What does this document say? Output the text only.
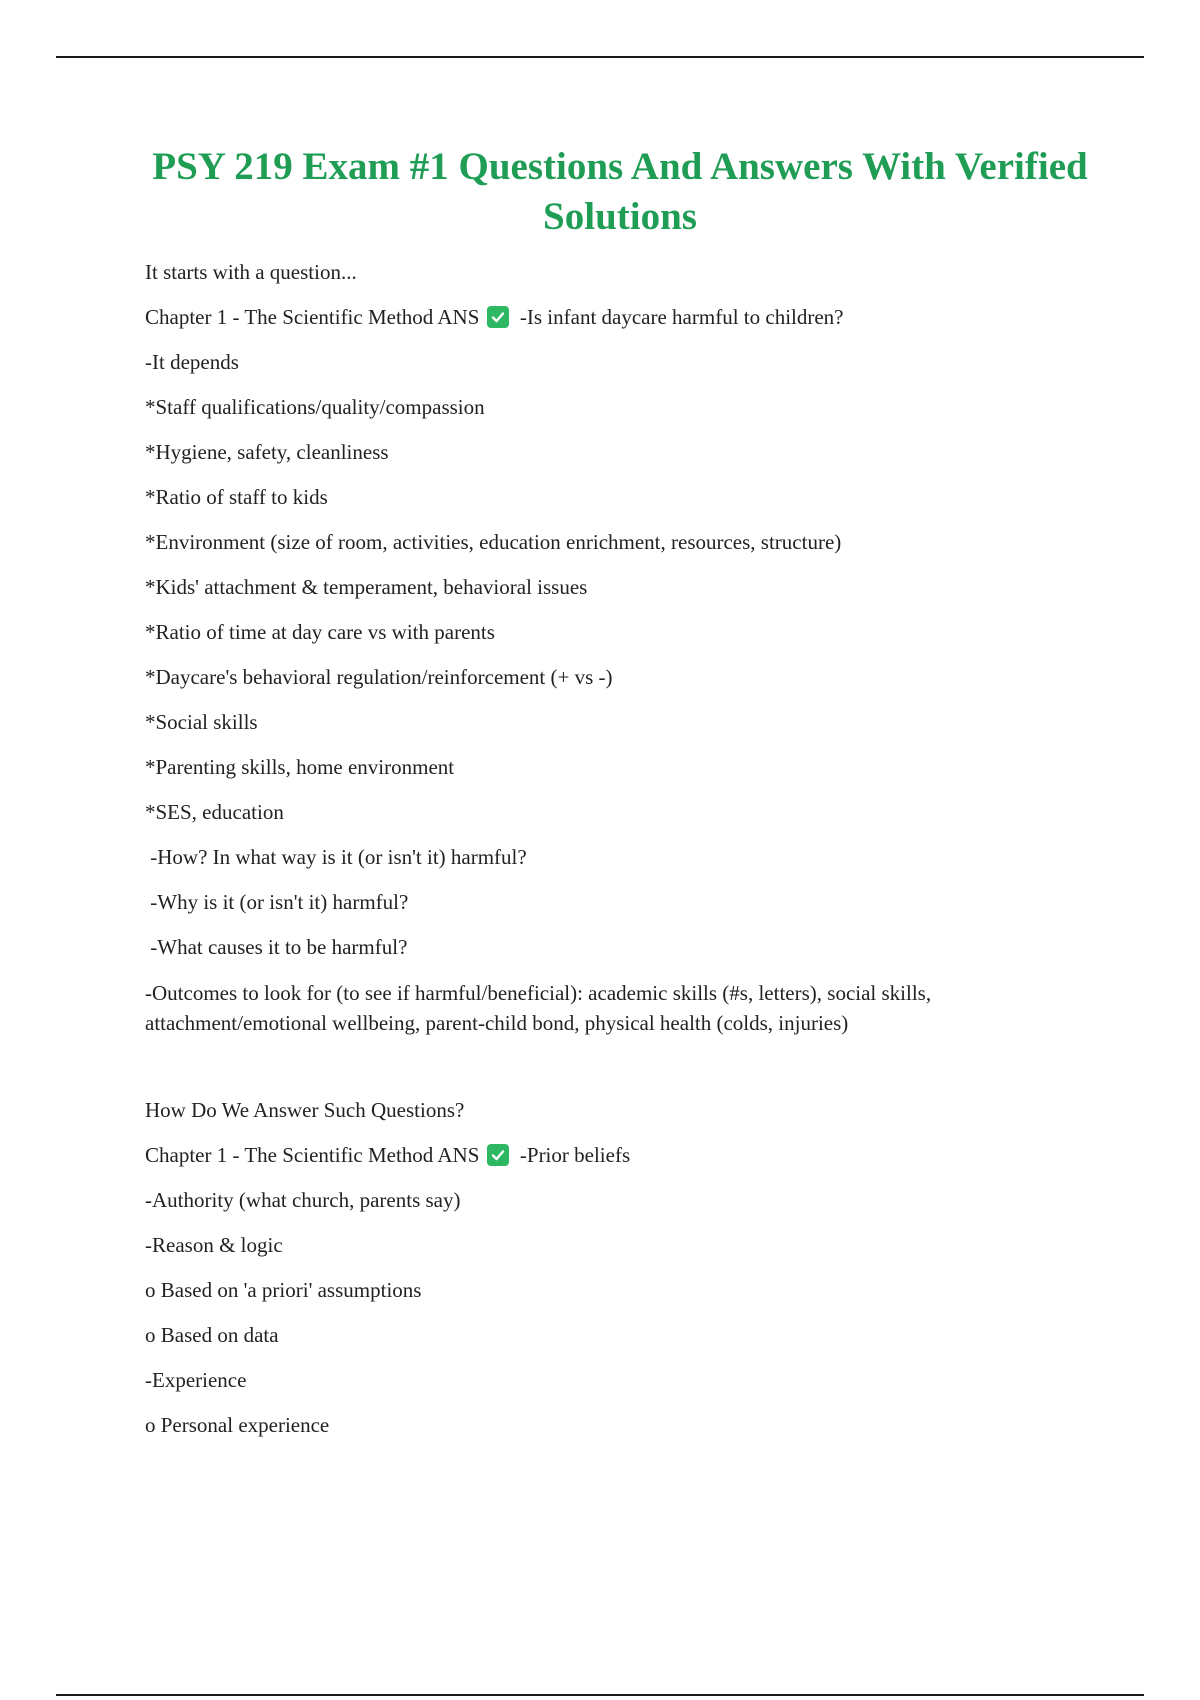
PSY 219 Exam #1 Questions And Answers With Verified Solutions
It starts with a question...
Chapter 1 - The Scientific Method ANS
-Is infant daycare harmful to children?
-It depends
*Staff qualifications/quality/compassion
*Hygiene, safety, cleanliness
*Ratio of staff to kids
*Environment (size of room, activities, education enrichment, resources, structure)
*Kids' attachment & temperament, behavioral issues
*Ratio of time at day care vs with parents
*Daycare's behavioral regulation/reinforcement (+ vs -)
*Social skills
*Parenting skills, home environment
*SES, education
-How? In what way is it (or isn't it) harmful?
-Why is it (or isn't it) harmful?
-What causes it to be harmful?
-Outcomes to look for (to see if harmful/beneficial): academic skills (#s, letters), social skills, attachment/emotional wellbeing, parent-child bond, physical health (colds, injuries)
How Do We Answer Such Questions?
Chapter 1 - The Scientific Method ANS
-Prior beliefs
-Authority (what church, parents say)
-Reason & logic
o Based on 'a priori' assumptions
o Based on data
-Experience
o Personal experience
